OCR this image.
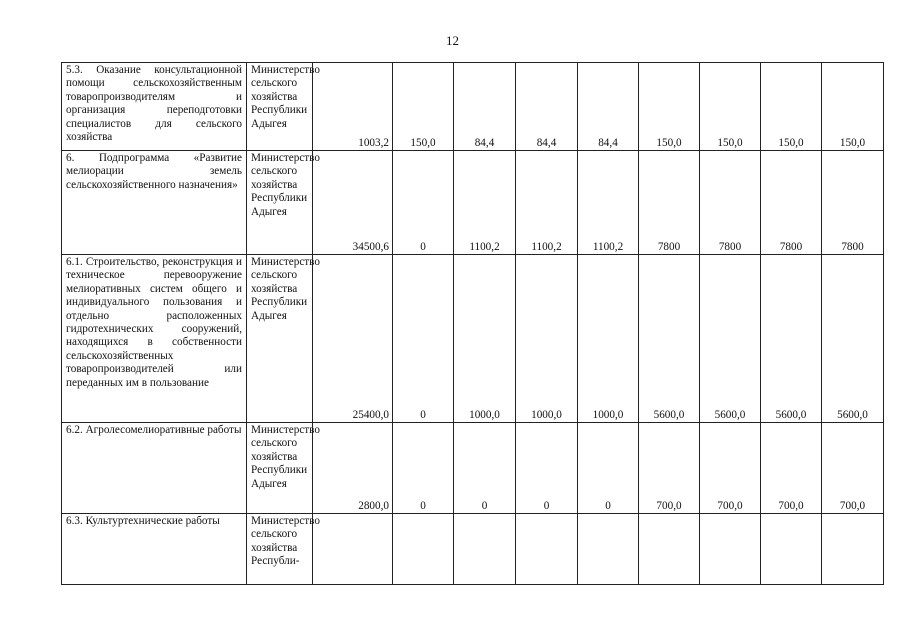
12
5.3. Оказание консультационной помощи сельскохозяйственным товаропроизводителям и организация переподготовки специалистов для сельского хозяйства	Министерство сельского хозяйства Республики Адыгея	1003,2	150,0	84,4	84,4	84,4	150,0	150,0	150,0	150,0
6. Подпрограмма «Развитие мелиорации земель сельскохозяйственного назначения»	Министерство сельского хозяйства Республики Адыгея	34500,6	0	1100,2	1100,2	1100,2	7800	7800	7800	7800
6.1. Строительство, реконструкция и техническое перевооружение мелиоративных систем общего и индивидуального пользования и отдельно расположенных гидротехнических сооружений, находящихся в собственности сельскохозяйственных товаропроизводителей или переданных им в пользование	Министерство сельского хозяйства Республики Адыгея	25400,0	0	1000,0	1000,0	1000,0	5600,0	5600,0	5600,0	5600,0
6.2. Агролесомелиоративные работы	Министерство сельского хозяйства Республики Адыгея	2800,0	0	0	0	0	700,0	700,0	700,0	700,0
6.3. Культуртехнические работы	Министерство сельского хозяйства Республи-									
